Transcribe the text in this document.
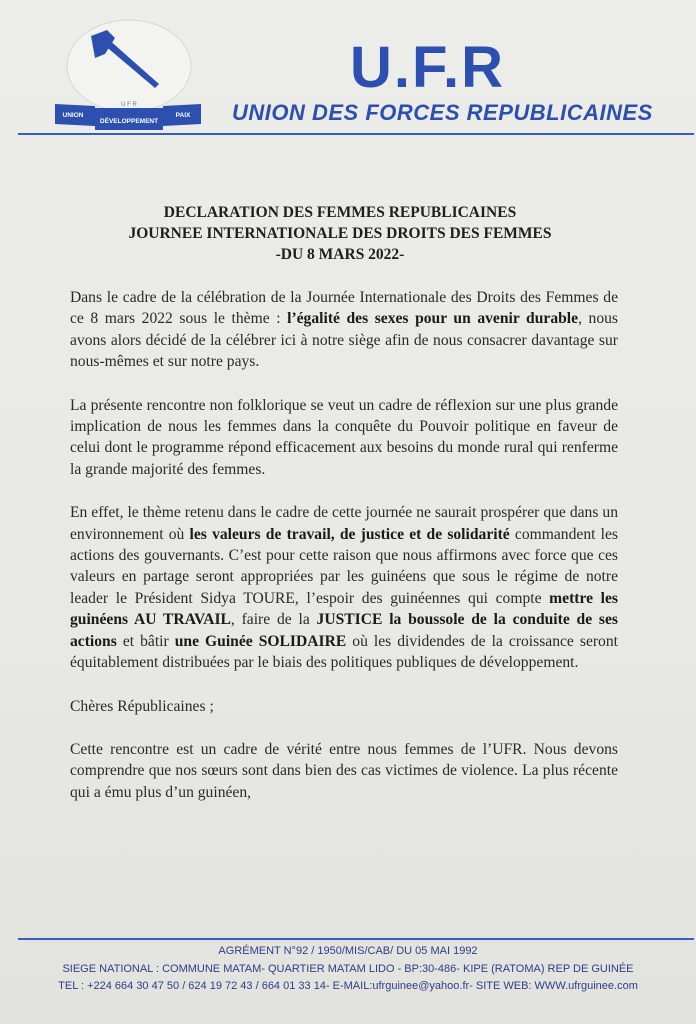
U F R
UNION
DÉVELOPPEMENT
PAIX
U.F.R
UNION DES FORCES REPUBLICAINES
DECLARATION DES FEMMES REPUBLICAINES
JOURNEE INTERNATIONALE DES DROITS DES FEMMES
-DU 8 MARS 2022-

Dans le cadre de la célébration de la Journée Internationale des Droits des Femmes de ce 8 mars 2022 sous le thème : l’égalité des sexes pour un avenir durable, nous avons alors décidé de la célébrer ici à notre siège afin de nous consacrer davantage sur nous-mêmes et sur notre pays.

La présente rencontre non folklorique se veut un cadre de réflexion sur une plus grande implication de nous les femmes dans la conquête du Pouvoir politique en faveur de celui dont le programme répond efficacement aux besoins du monde rural qui renferme la grande majorité des femmes.

En effet, le thème retenu dans le cadre de cette journée ne saurait prospérer que dans un environnement où les valeurs de travail, de justice et de solidarité commandent les actions des gouvernants. C’est pour cette raison que nous affirmons avec force que ces valeurs en partage seront appropriées par les guinéens que sous le régime de notre leader le Président Sidya TOURE, l’espoir des guinéennes qui compte mettre les guinéens AU TRAVAIL, faire de la JUSTICE la boussole de la conduite de ses actions et bâtir une Guinée SOLIDAIRE où les dividendes de la croissance seront équitablement distribuées par le biais des politiques publiques de développement.

Chères Républicaines ;

Cette rencontre est un cadre de vérité entre nous femmes de l’UFR. Nous devons comprendre que nos sœurs sont dans bien des cas victimes de violence. La plus récente qui a ému plus d’un guinéen,

AGRÉMENT N°92 / 1950/MIS/CAB/ DU 05 MAI 1992
SIEGE NATIONAL : COMMUNE MATAM- QUARTIER MATAM LIDO - BP:30-486- KIPE (RATOMA) REP DE GUINÉE
TEL : +224 664 30 47 50 / 624 19 72 43 / 664 01 33 14- E-MAIL:ufrguinee@yahoo.fr- SITE WEB: WWW.ufrguinee.com
